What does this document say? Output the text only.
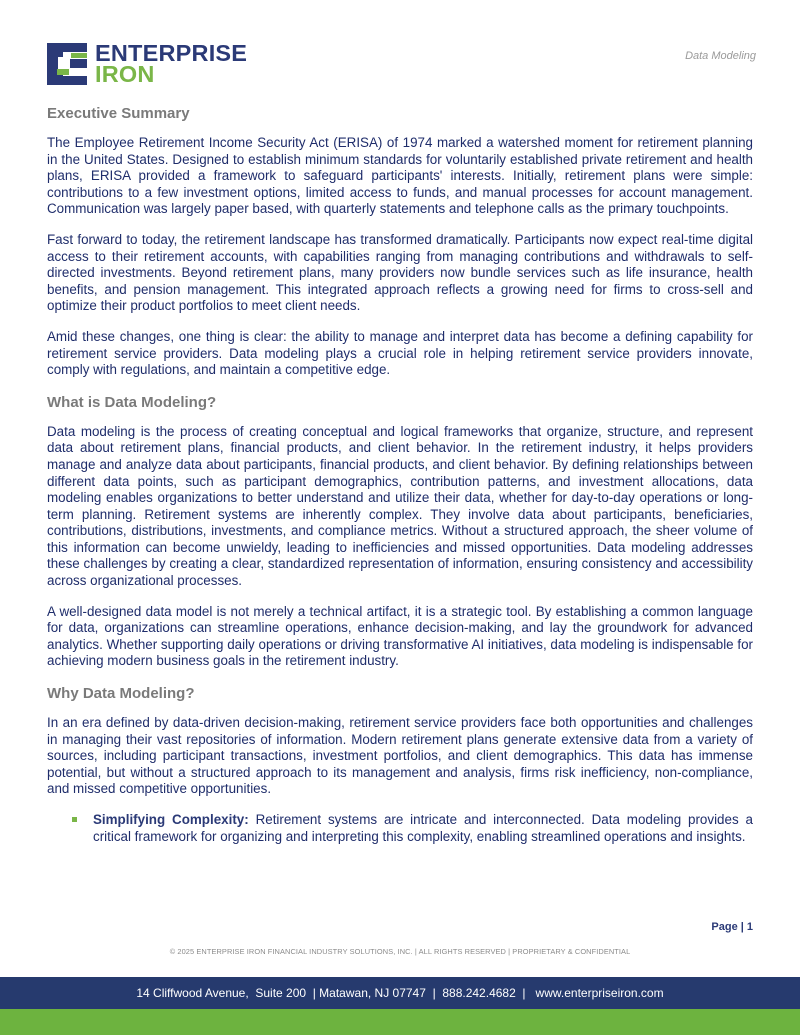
ENTERPRISE
IRON
Data Modeling
Executive Summary

The Employee Retirement Income Security Act (ERISA) of 1974 marked a watershed moment for retirement planning in the United States. Designed to establish minimum standards for voluntarily established private retirement and health plans, ERISA provided a framework to safeguard participants' interests. Initially, retirement plans were simple: contributions to a few investment options, limited access to funds, and manual processes for account management. Communication was largely paper based, with quarterly statements and telephone calls as the primary touchpoints.

Fast forward to today, the retirement landscape has transformed dramatically. Participants now expect real-time digital access to their retirement accounts, with capabilities ranging from managing contributions and withdrawals to self-directed investments. Beyond retirement plans, many providers now bundle services such as life insurance, health benefits, and pension management. This integrated approach reflects a growing need for firms to cross-sell and optimize their product portfolios to meet client needs.

Amid these changes, one thing is clear: the ability to manage and interpret data has become a defining capability for retirement service providers. Data modeling plays a crucial role in helping retirement service providers innovate, comply with regulations, and maintain a competitive edge.

What is Data Modeling?

Data modeling is the process of creating conceptual and logical frameworks that organize, structure, and represent data about retirement plans, financial products, and client behavior. In the retirement industry, it helps providers manage and analyze data about participants, financial products, and client behavior. By defining relationships between different data points, such as participant demographics, contribution patterns, and investment allocations, data modeling enables organizations to better understand and utilize their data, whether for day-to-day operations or long-term planning. Retirement systems are inherently complex. They involve data about participants, beneficiaries, contributions, distributions, investments, and compliance metrics. Without a structured approach, the sheer volume of this information can become unwieldy, leading to inefficiencies and missed opportunities. Data modeling addresses these challenges by creating a clear, standardized representation of information, ensuring consistency and accessibility across organizational processes.

A well-designed data model is not merely a technical artifact, it is a strategic tool. By establishing a common language for data, organizations can streamline operations, enhance decision-making, and lay the groundwork for advanced analytics. Whether supporting daily operations or driving transformative AI initiatives, data modeling is indispensable for achieving modern business goals in the retirement industry.

Why Data Modeling?

In an era defined by data-driven decision-making, retirement service providers face both opportunities and challenges in managing their vast repositories of information. Modern retirement plans generate extensive data from a variety of sources, including participant transactions, investment portfolios, and client demographics. This data has immense potential, but without a structured approach to its management and analysis, firms risk inefficiency, non-compliance, and missed competitive opportunities.

Simplifying Complexity: Retirement systems are intricate and interconnected. Data modeling provides a critical framework for organizing and interpreting this complexity, enabling streamlined operations and insights.
Page | 1
© 2025 ENTERPRISE IRON FINANCIAL INDUSTRY SOLUTIONS, INC. | ALL RIGHTS RESERVED | PROPRIETARY & CONFIDENTIAL
14 Cliffwood Avenue,  Suite 200  | Matawan, NJ 07747  |  888.242.4682  |   www.enterpriseiron.com
